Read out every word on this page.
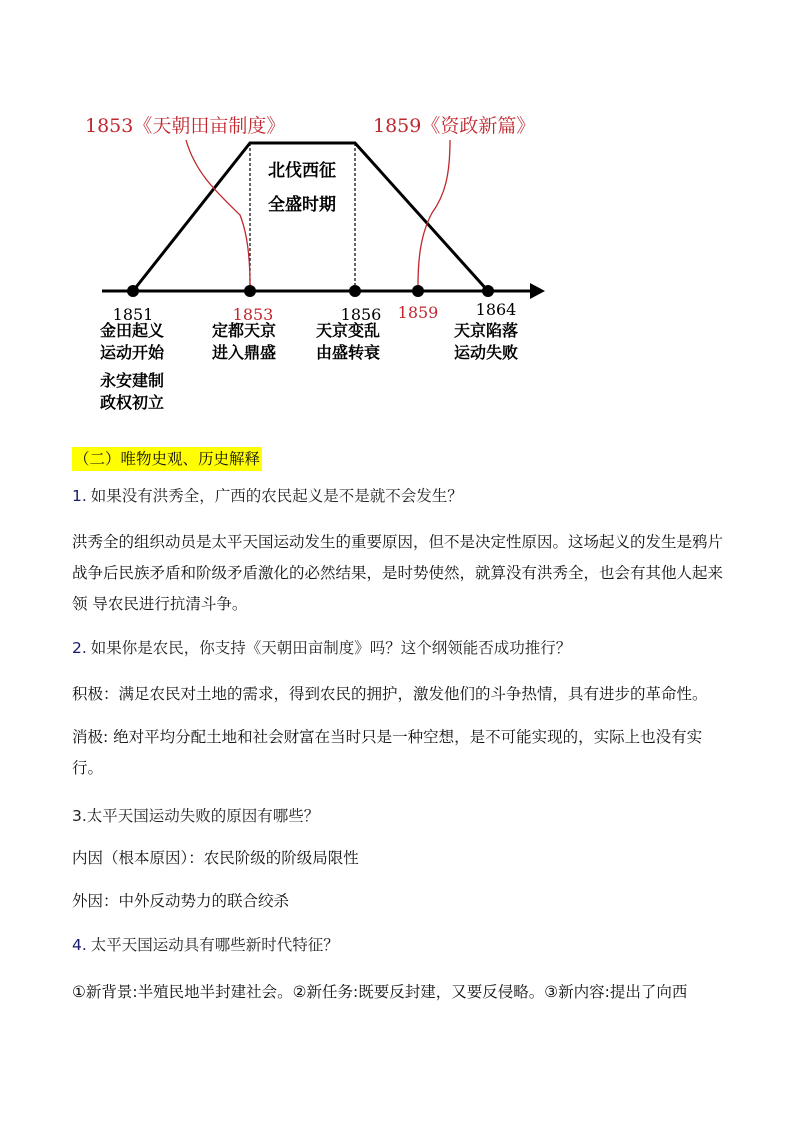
1853《天朝田亩制度》	1859《资政新篇》
北伐西征
全盛时期
1851	1853	1856 1859 1864
金田起义
运动开始
永安建制
政权初立
定都天京
进入鼎盛
天京变乱
由盛转衰
天京陷落
运动失败
（二）唯物史观、历史解释

1. 如果没有洪秀全，广西的农民起义是不是就不会发生？

洪秀全的组织动员是太平天国运动发生的重要原因，但不是决定性原因。这场起义的发生是鸦片战争后民族矛盾和阶级矛盾激化的必然结果，是时势使然，就算没有洪秀全，也会有其他人起来领 导农民进行抗清斗争。

2. 如果你是农民，你支持《天朝田亩制度》吗？这个纲领能否成功推行？

积极：满足农民对土地的需求，得到农民的拥护，激发他们的斗争热情，具有进步的革命性。

消极: 绝对平均分配土地和社会财富在当时只是一种空想，是不可能实现的，实际上也没有实行。

3.太平天国运动失败的原因有哪些？

内因（根本原因）：农民阶级的阶级局限性

外因：中外反动势力的联合绞杀

4. 太平天国运动具有哪些新时代特征？

①新背景:半殖民地半封建社会。②新任务:既要反封建，又要反侵略。③新内容:提出了向西
